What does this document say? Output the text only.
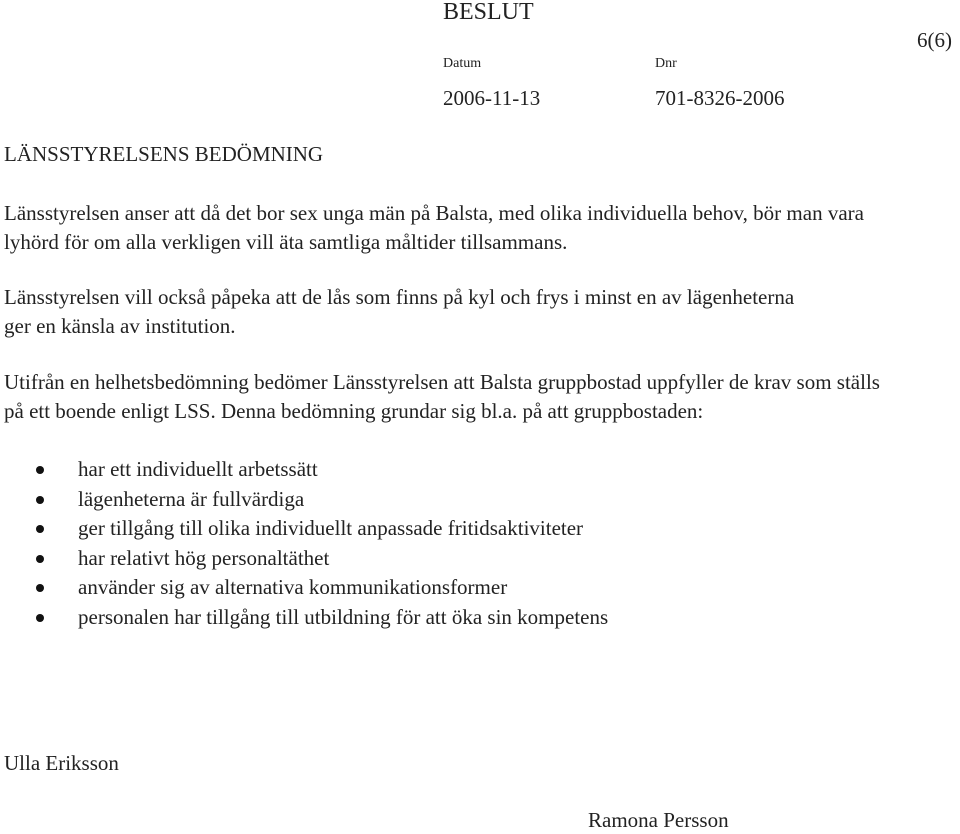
BESLUT
6(6)
Datum	Dnr
2006-11-13	701-8326-2006
LÄNSSTYRELSENS BEDÖMNING

Länsstyrelsen anser att då det bor sex unga män på Balsta, med olika individuella behov, bör man vara lyhörd för om alla verkligen vill äta samtliga måltider tillsammans.

Länsstyrelsen vill också påpeka att de lås som finns på kyl och frys i minst en av lägenheterna ger en känsla av institution.

Utifrån en helhetsbedömning bedömer Länsstyrelsen att Balsta gruppbostad uppfyller de krav som ställs på ett boende enligt LSS. Denna bedömning grundar sig bl.a. på att gruppbostaden:

har ett individuellt arbetssätt
lägenheterna är fullvärdiga
ger tillgång till olika individuellt anpassade fritidsaktiviteter
har relativt hög personaltäthet
använder sig av alternativa kommunikationsformer
personalen har tillgång till utbildning för att öka sin kompetens
Ulla Eriksson
Ramona Persson
